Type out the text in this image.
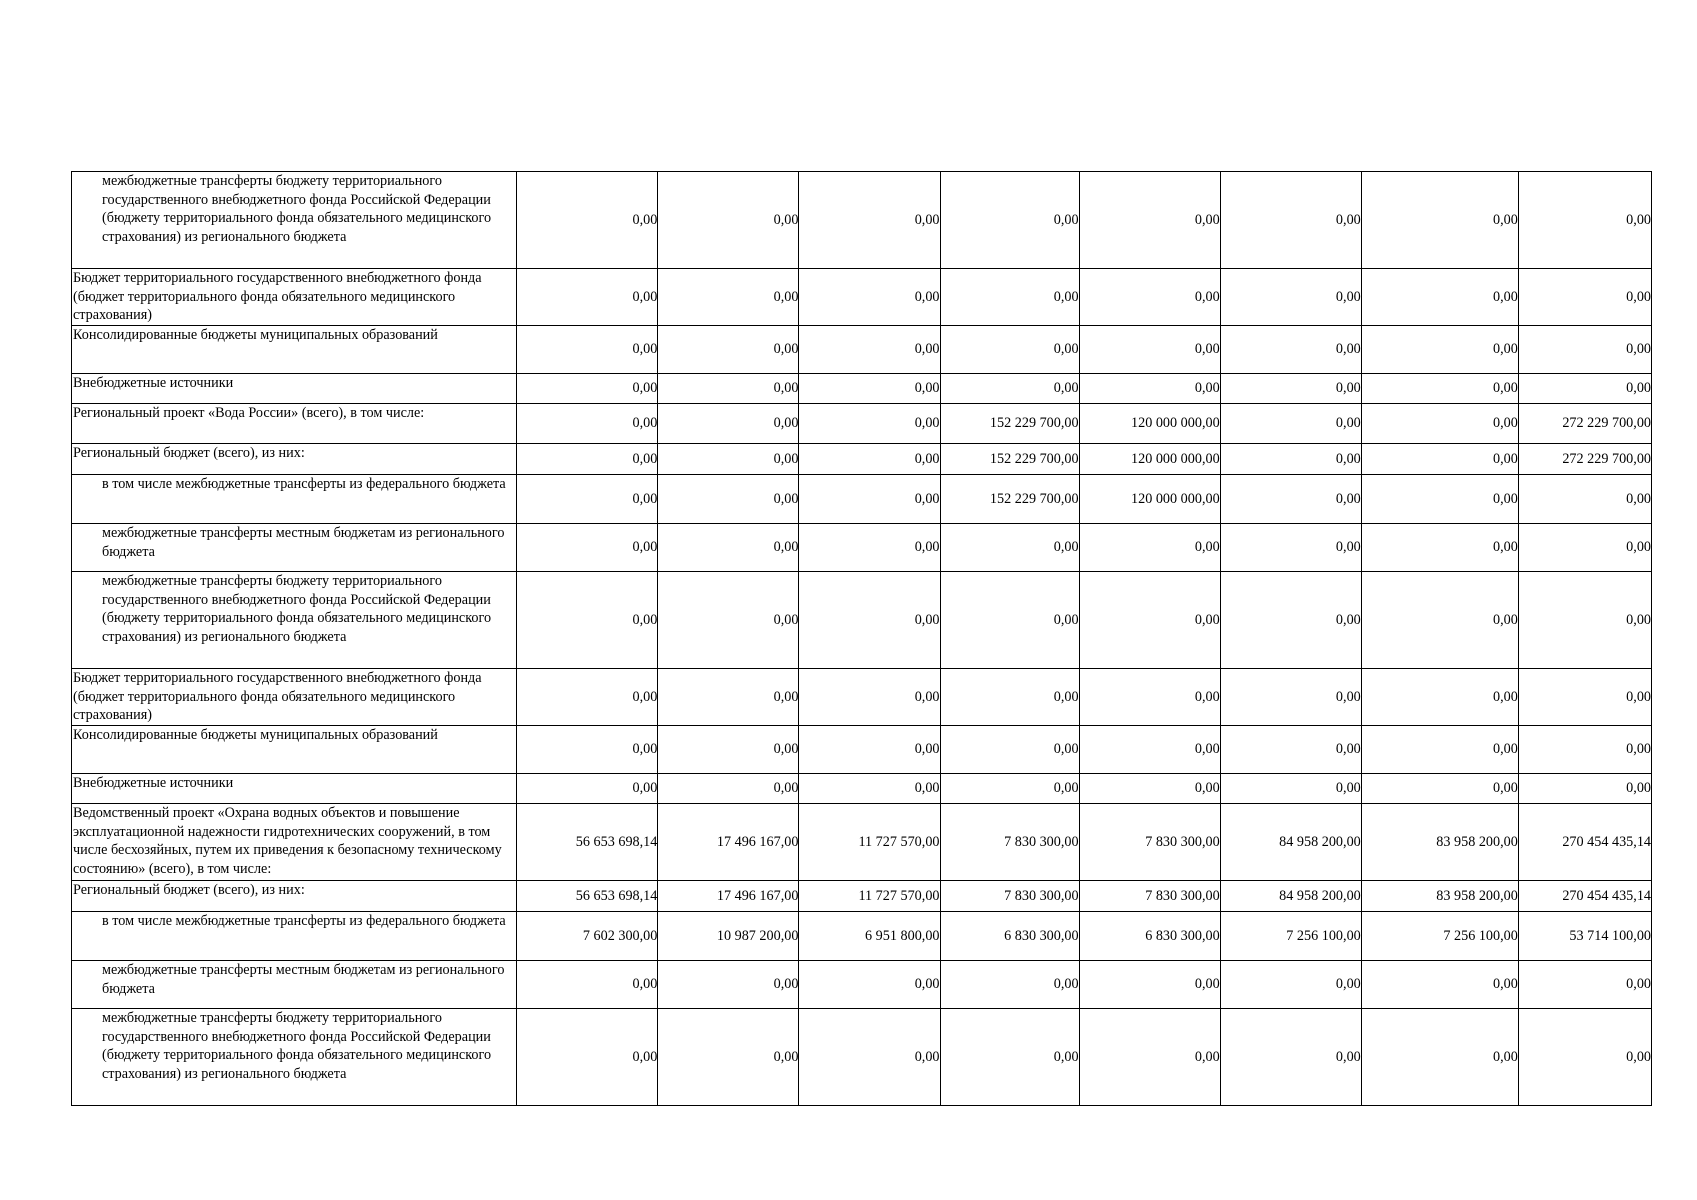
межбюджетные трансферты бюджету территориального государственного внебюджетного фонда Российской Федерации (бюджету территориального фонда обязательного медицинского страхования) из регионального бюджета	0,00	0,00	0,00	0,00	0,00	0,00	0,00	0,00
Бюджет территориального государственного внебюджетного фонда (бюджет территориального фонда обязательного медицинского страхования)	0,00	0,00	0,00	0,00	0,00	0,00	0,00	0,00
Консолидированные бюджеты муниципальных образований	0,00	0,00	0,00	0,00	0,00	0,00	0,00	0,00
Внебюджетные источники	0,00	0,00	0,00	0,00	0,00	0,00	0,00	0,00
Региональный проект «Вода России» (всего), в том числе:	0,00	0,00	0,00	152 229 700,00	120 000 000,00	0,00	0,00	272 229 700,00
Региональный бюджет (всего), из них:	0,00	0,00	0,00	152 229 700,00	120 000 000,00	0,00	0,00	272 229 700,00
в том числе межбюджетные трансферты из федерального бюджета	0,00	0,00	0,00	152 229 700,00	120 000 000,00	0,00	0,00	0,00
межбюджетные трансферты местным бюджетам из регионального бюджета	0,00	0,00	0,00	0,00	0,00	0,00	0,00	0,00
межбюджетные трансферты бюджету территориального государственного внебюджетного фонда Российской Федерации (бюджету территориального фонда обязательного медицинского страхования) из регионального бюджета	0,00	0,00	0,00	0,00	0,00	0,00	0,00	0,00
Бюджет территориального государственного внебюджетного фонда (бюджет территориального фонда обязательного медицинского страхования)	0,00	0,00	0,00	0,00	0,00	0,00	0,00	0,00
Консолидированные бюджеты муниципальных образований	0,00	0,00	0,00	0,00	0,00	0,00	0,00	0,00
Внебюджетные источники	0,00	0,00	0,00	0,00	0,00	0,00	0,00	0,00
Ведомственный проект «Охрана водных объектов и повышение эксплуатационной надежности гидротехнических сооружений, в том числе бесхозяйных, путем их приведения к безопасному техническому состоянию» (всего), в том числе:	56 653 698,14	17 496 167,00	11 727 570,00	7 830 300,00	7 830 300,00	84 958 200,00	83 958 200,00	270 454 435,14
Региональный бюджет (всего), из них:	56 653 698,14	17 496 167,00	11 727 570,00	7 830 300,00	7 830 300,00	84 958 200,00	83 958 200,00	270 454 435,14
в том числе межбюджетные трансферты из федерального бюджета	7 602 300,00	10 987 200,00	6 951 800,00	6 830 300,00	6 830 300,00	7 256 100,00	7 256 100,00	53 714 100,00
межбюджетные трансферты местным бюджетам из регионального бюджета	0,00	0,00	0,00	0,00	0,00	0,00	0,00	0,00
межбюджетные трансферты бюджету территориального государственного внебюджетного фонда Российской Федерации (бюджету территориального фонда обязательного медицинского страхования) из регионального бюджета	0,00	0,00	0,00	0,00	0,00	0,00	0,00	0,00
